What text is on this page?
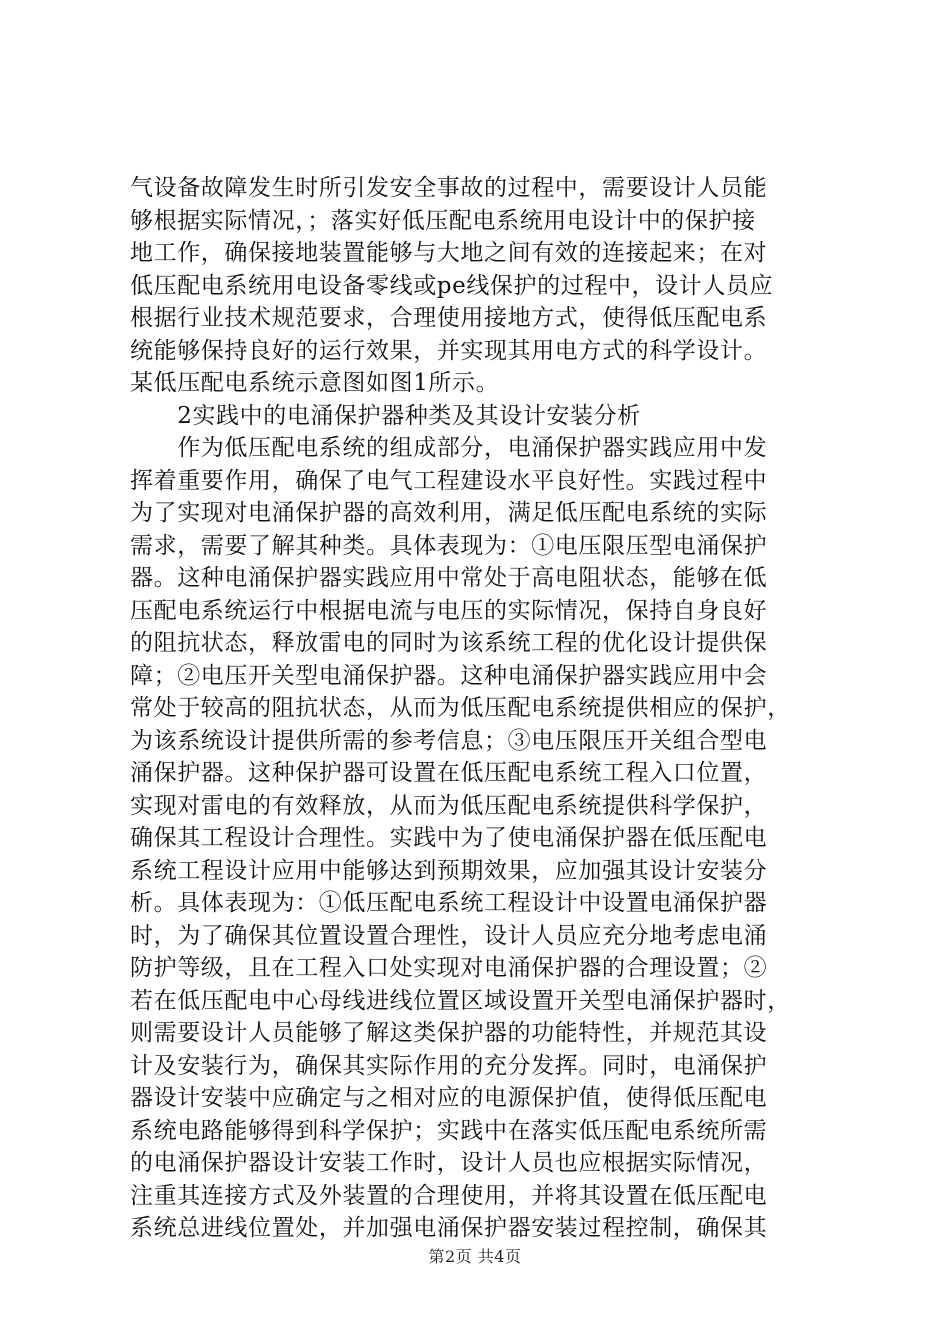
气设备故障发生时所引发安全事故的过程中，需要设计人员能
够根据实际情况，；落实好低压配电系统用电设计中的保护接
地工作，确保接地装置能够与大地之间有效的连接起来；在对
低压配电系统用电设备零线或pe线保护的过程中，设计人员应
根据行业技术规范要求，合理使用接地方式，使得低压配电系
统能够保持良好的运行效果，并实现其用电方式的科学设计。
某低压配电系统示意图如图1所示。
　　2实践中的电涌保护器种类及其设计安装分析
　　作为低压配电系统的组成部分，电涌保护器实践应用中发
挥着重要作用，确保了电气工程建设水平良好性。实践过程中
为了实现对电涌保护器的高效利用，满足低压配电系统的实际
需求，需要了解其种类。具体表现为：①电压限压型电涌保护
器。这种电涌保护器实践应用中常处于高电阻状态，能够在低
压配电系统运行中根据电流与电压的实际情况，保持自身良好
的阻抗状态，释放雷电的同时为该系统工程的优化设计提供保
障；②电压开关型电涌保护器。这种电涌保护器实践应用中会
常处于较高的阻抗状态，从而为低压配电系统提供相应的保护，
为该系统设计提供所需的参考信息；③电压限压开关组合型电
涌保护器。这种保护器可设置在低压配电系统工程入口位置，
实现对雷电的有效释放，从而为低压配电系统提供科学保护，
确保其工程设计合理性。实践中为了使电涌保护器在低压配电
系统工程设计应用中能够达到预期效果，应加强其设计安装分
析。具体表现为：①低压配电系统工程设计中设置电涌保护器
时，为了确保其位置设置合理性，设计人员应充分地考虑电涌
防护等级，且在工程入口处实现对电涌保护器的合理设置；②
若在低压配电中心母线进线位置区域设置开关型电涌保护器时，
则需要设计人员能够了解这类保护器的功能特性，并规范其设
计及安装行为，确保其实际作用的充分发挥。同时，电涌保护
器设计安装中应确定与之相对应的电源保护值，使得低压配电
系统电路能够得到科学保护；实践中在落实低压配电系统所需
的电涌保护器设计安装工作时，设计人员也应根据实际情况，
注重其连接方式及外装置的合理使用，并将其设置在低压配电
系统总进线位置处，并加强电涌保护器安装过程控制，确保其
第2页 共4页
